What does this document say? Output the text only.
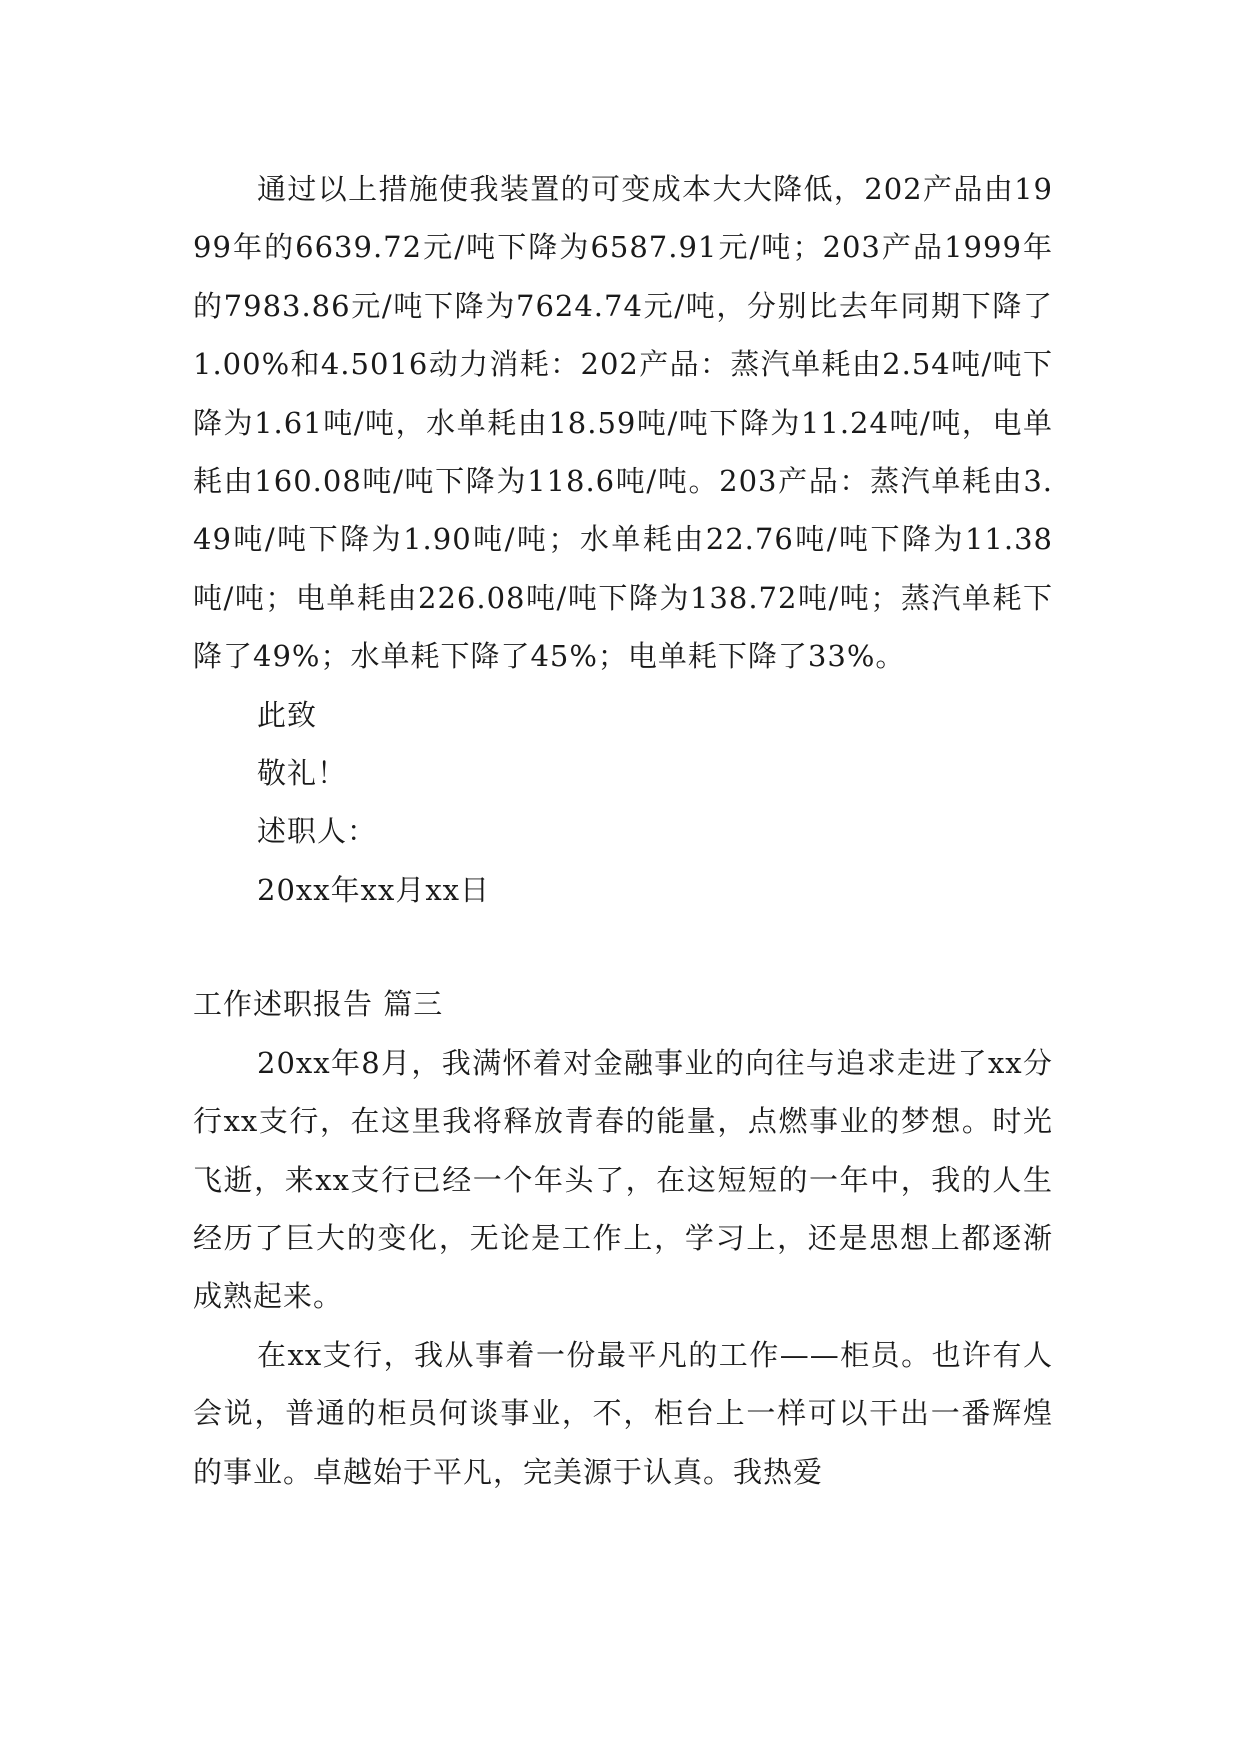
通过以上措施使我装置的可变成本大大降低，202产品由1999年的6639.72元/吨下降为6587.91元/吨；203产品1999年的7983.86元/吨下降为7624.74元/吨，分别比去年同期下降了1.00%和4.5016动力消耗：202产品：蒸汽单耗由2.54吨/吨下降为1.61吨/吨，水单耗由18.59吨/吨下降为11.24吨/吨，电单耗由160.08吨/吨下降为118.6吨/吨。203产品：蒸汽单耗由3.49吨/吨下降为1.90吨/吨；水单耗由22.76吨/吨下降为11.38吨/吨；电单耗由226.08吨/吨下降为138.72吨/吨；蒸汽单耗下降了49%；水单耗下降了45%；电单耗下降了33%。

此致

敬礼！

述职人：

20xx年xx月xx日

工作述职报告 篇三

20xx年8月，我满怀着对金融事业的向往与追求走进了xx分行xx支行，在这里我将释放青春的能量，点燃事业的梦想。时光飞逝，来xx支行已经一个年头了，在这短短的一年中，我的人生经历了巨大的变化，无论是工作上，学习上，还是思想上都逐渐成熟起来。

在xx支行，我从事着一份最平凡的工作——柜员。也许有人会说，普通的柜员何谈事业，不，柜台上一样可以干出一番辉煌的事业。卓越始于平凡，完美源于认真。我热爱
